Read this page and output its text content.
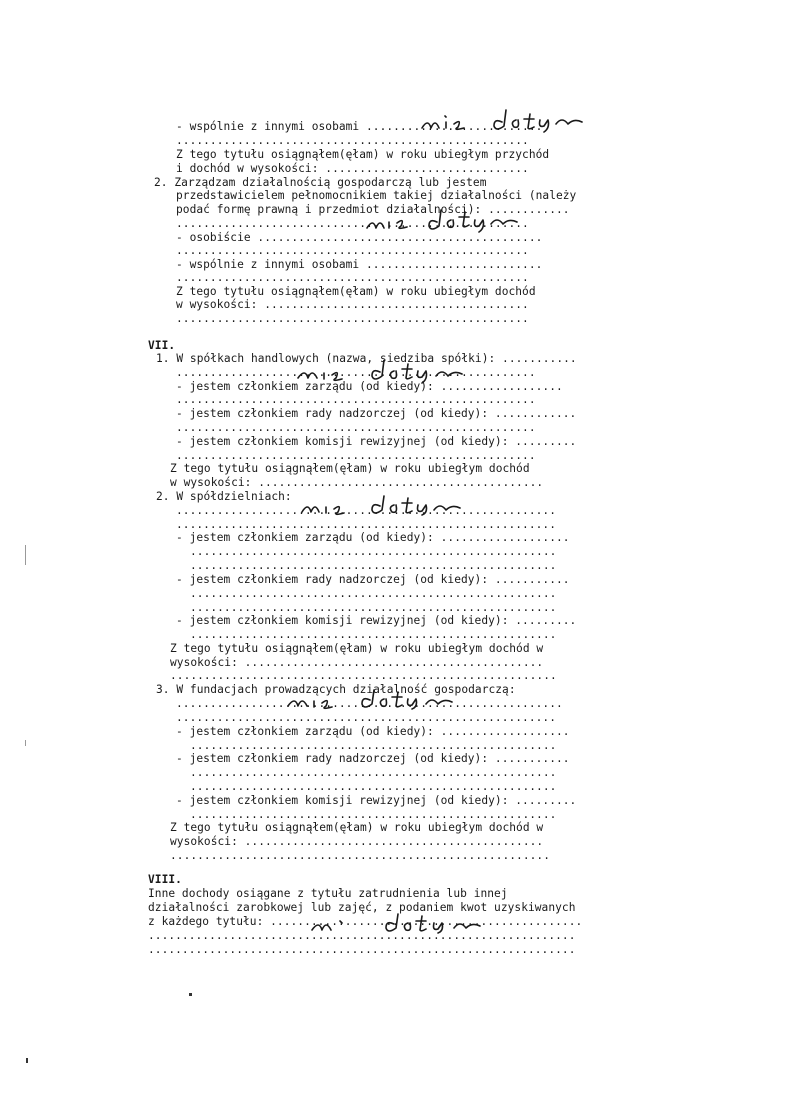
- wspólnie z innymi osobami ..........................
....................................................
Z tego tytułu osiągnąłem(ęłam) w roku ubiegłym przychód
i dochód w wysokości: ..............................
2. Zarządzam działalnością gospodarczą lub jestem
przedstawicielem pełnomocnikiem takiej działalności (należy
podać formę prawną i przedmiot działalności): ............
....................................................
- osobiście ..........................................
....................................................
- wspólnie z innymi osobami ..........................
....................................................
Z tego tytułu osiągnąłem(ęłam) w roku ubiegłym dochód
w wysokości: .......................................
....................................................
VII.
1. W spółkach handlowych (nazwa, siedziba spółki): ...........
.....................................................
- jestem członkiem zarządu (od kiedy): ..................
.....................................................
- jestem członkiem rady nadzorczej (od kiedy): ............
.....................................................
- jestem członkiem komisji rewizyjnej (od kiedy): .........
.....................................................
Z tego tytułu osiągnąłem(ęłam) w roku ubiegłym dochód
w wysokości: ..........................................
2. W spółdzielniach:
........................................................
........................................................
- jestem członkiem zarządu (od kiedy): ...................
......................................................
......................................................
- jestem członkiem rady nadzorczej (od kiedy): ...........
......................................................
......................................................
- jestem członkiem komisji rewizyjnej (od kiedy): .........
......................................................
Z tego tytułu osiągnąłem(ęłam) w roku ubiegłym dochód w
wysokości: ............................................
.........................................................
3. W fundacjach prowadzących działalność gospodarczą:
.........................................................
........................................................
- jestem członkiem zarządu (od kiedy): ...................
......................................................
- jestem członkiem rady nadzorczej (od kiedy): ...........
......................................................
......................................................
- jestem członkiem komisji rewizyjnej (od kiedy): .........
......................................................
Z tego tytułu osiągnąłem(ęłam) w roku ubiegłym dochód w
wysokości: ............................................
........................................................
VIII.
Inne dochody osiągane z tytułu zatrudnienia lub innej
działalności zarobkowej lub zajęć, z podaniem kwot uzyskiwanych
z każdego tytułu: ..............................................
...............................................................
...............................................................
